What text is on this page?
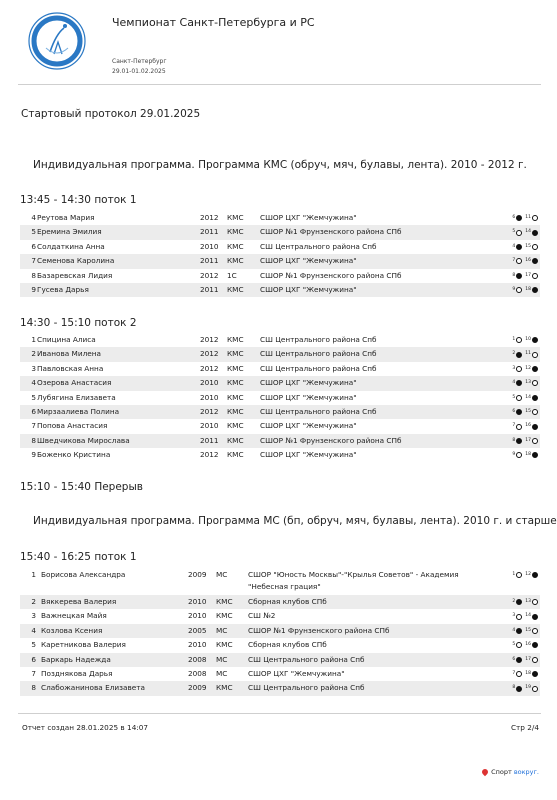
Чемпионат Санкт-Петербурга и РС
Санкт-Петербург
29.01-01.02.2025
Стартовый протокол 29.01.2025
Индивидуальная программа. Программа КМС (обруч, мяч, булавы, лента). 2010 - 2012 г.
13:45 - 14:30 поток 1
4 Реутова Мария	2012 КМС СШОР ЦХГ "Жемчужина"	6 11
5 Еремина Эмилия	2011 КМС СШОР №1 Фрунзенского района СПб	5 14
6 Солдаткина Анна	2010 КМС СШ Центрального района Спб	4 15
7 Семенова Каролина	2011 КМС СШОР ЦХГ "Жемчужина"	7 16
8 Базаревская Лидия	2012 1С	СШОР №1 Фрунзенского района СПб	8 17
9 Гусева Дарья	2011 КМС СШОР ЦХГ "Жемчужина"	9 18
14:30 - 15:10 поток 2
1 Спицина Алиса	2012 КМС СШ Центрального района Спб	1 10
2 Иванова Милена	2012 КМС СШ Центрального района Спб	2 11
3 Павловская Анна	2012 КМС СШ Центрального района Спб	3 12
4 Озерова Анастасия	2010 КМС СШОР ЦХГ "Жемчужина"	4 13
5 Лубягина Елизавета	2010 КМС СШОР ЦХГ "Жемчужина"	5 14
6 Мирзаалиева Полина	2012 КМС СШ Центрального района Спб	6 15
7 Попова Анастасия	2010 КМС СШОР ЦХГ "Жемчужина"	7 16
8 Шведчикова Мирослава	2011 КМС СШОР №1 Фрунзенского района СПб	8 17
9 Боженко Кристина	2012 КМС СШОР ЦХГ "Жемчужина"	9 18
15:10 - 15:40 Перерыв
Индивидуальная программа. Программа МС (бп, обруч, мяч, булавы, лента). 2010 г. и старше
15:40 - 16:25 поток 1
1 Борисова Александра	2009 МС	СШОР "Юность Москвы"-"Крылья Советов" - Академия
"Небесная грация"
1 12
2 Вяккерева Валерия	2010 КМС Сборная клубов СПб	2 13
3 Важнецкая Майя	2010 КМС СШ №2	3 14
4 Козлова Ксения	2005 МС	СШОР №1 Фрунзенского района СПб	4 15
5 Каретникова Валерия	2010 КМС Сборная клубов СПб	5 16
6 Баркарь Надежда	2008 МС	СШ Центрального района Спб	6 17
7 Позднякова Дарья	2008 МС	СШОР ЦХГ "Жемчужина"	7 18
8 Слабожанинова Елизавета	2009 КМС СШ Центрального района Спб	8 19
Отчет создан 28.01.2025 в 14:07	Стр 2/4
Спорт вокруг.
